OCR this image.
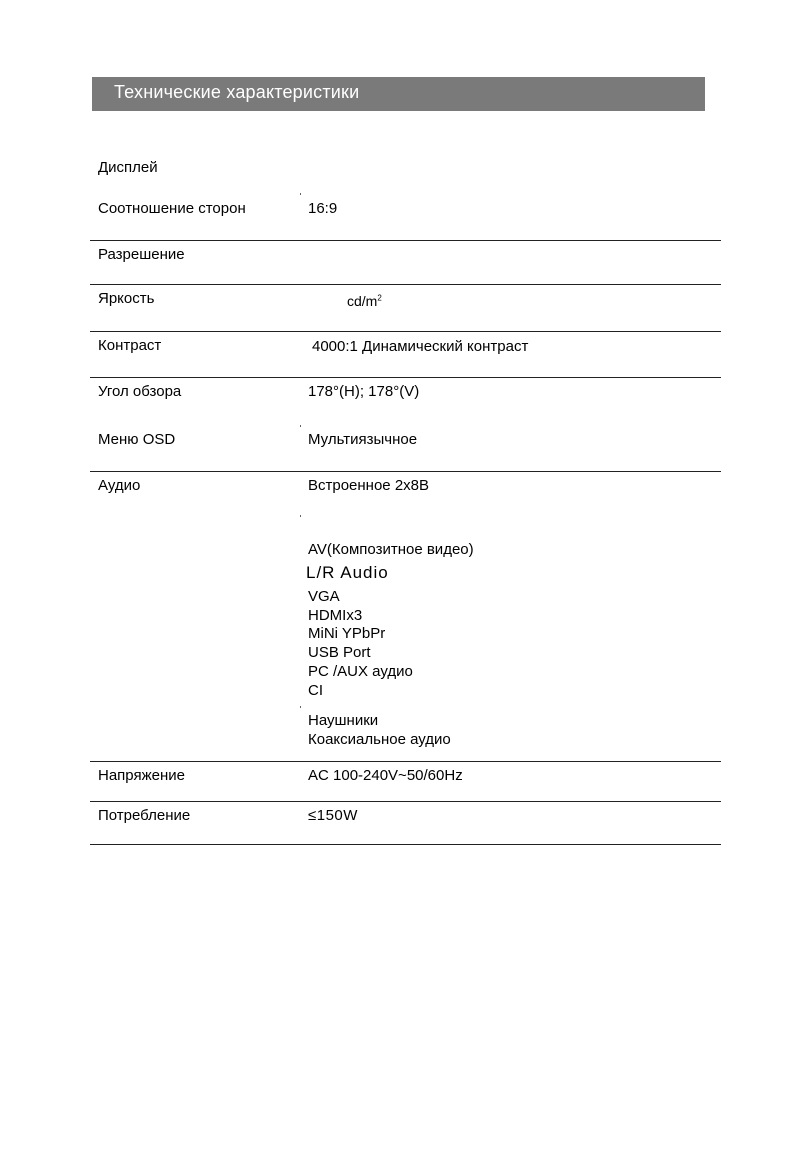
Технические характеристики
Дисплей
Соотношение сторон	16:9
Разрешение
Яркость	$cd/m^2$
Контраст	4000:1 Динамический контраст
Угол обзора	178°(H); 178°(V)
Меню OSD	Мультиязычное
Аудио	Встроенное 2x8В
AV(Композитное видео)
L/R Audio
VGA
HDMIx3
MiNi YPbPr
USB Port
PC /AUX аудио
CI
Наушники
Коаксиальное аудио
Напряжение	AC 100-240V~50/60Hz
Потребление	≤150W
